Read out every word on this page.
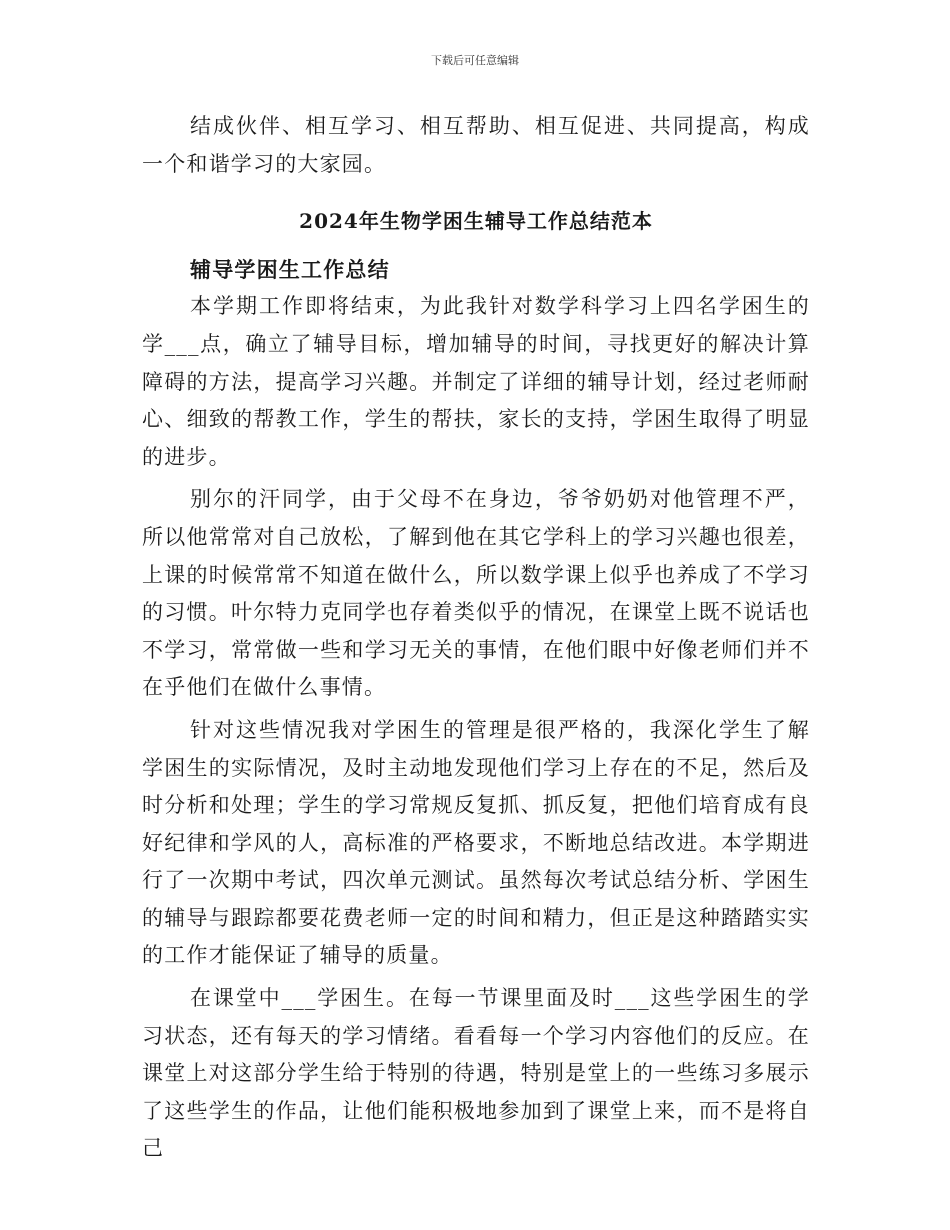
下载后可任意编辑

结成伙伴、相互学习、相互帮助、相互促进、共同提高，构成一个和谐学习的大家园。

2024年生物学困生辅导工作总结范本

辅导学困生工作总结

本学期工作即将结束，为此我针对数学科学习上四名学困生的学___点，确立了辅导目标，增加辅导的时间，寻找更好的解决计算障碍的方法，提高学习兴趣。并制定了详细的辅导计划，经过老师耐心、细致的帮教工作，学生的帮扶，家长的支持，学困生取得了明显的进步。

别尔的汗同学，由于父母不在身边，爷爷奶奶对他管理不严，所以他常常对自己放松，了解到他在其它学科上的学习兴趣也很差，上课的时候常常不知道在做什么，所以数学课上似乎也养成了不学习的习惯。叶尔特力克同学也存着类似乎的情况，在课堂上既不说话也不学习，常常做一些和学习无关的事情，在他们眼中好像老师们并不在乎他们在做什么事情。

针对这些情况我对学困生的管理是很严格的，我深化学生了解学困生的实际情况，及时主动地发现他们学习上存在的不足，然后及时分析和处理；学生的学习常规反复抓、抓反复，把他们培育成有良好纪律和学风的人，高标准的严格要求，不断地总结改进。本学期进行了一次期中考试，四次单元测试。虽然每次考试总结分析、学困生的辅导与跟踪都要花费老师一定的时间和精力，但正是这种踏踏实实的工作才能保证了辅导的质量。

在课堂中___学困生。在每一节课里面及时___这些学困生的学习状态，还有每天的学习情绪。看看每一个学习内容他们的反应。在课堂上对这部分学生给于特别的待遇，特别是堂上的一些练习多展示了这些学生的作品，让他们能积极地参加到了课堂上来，而不是将自己
